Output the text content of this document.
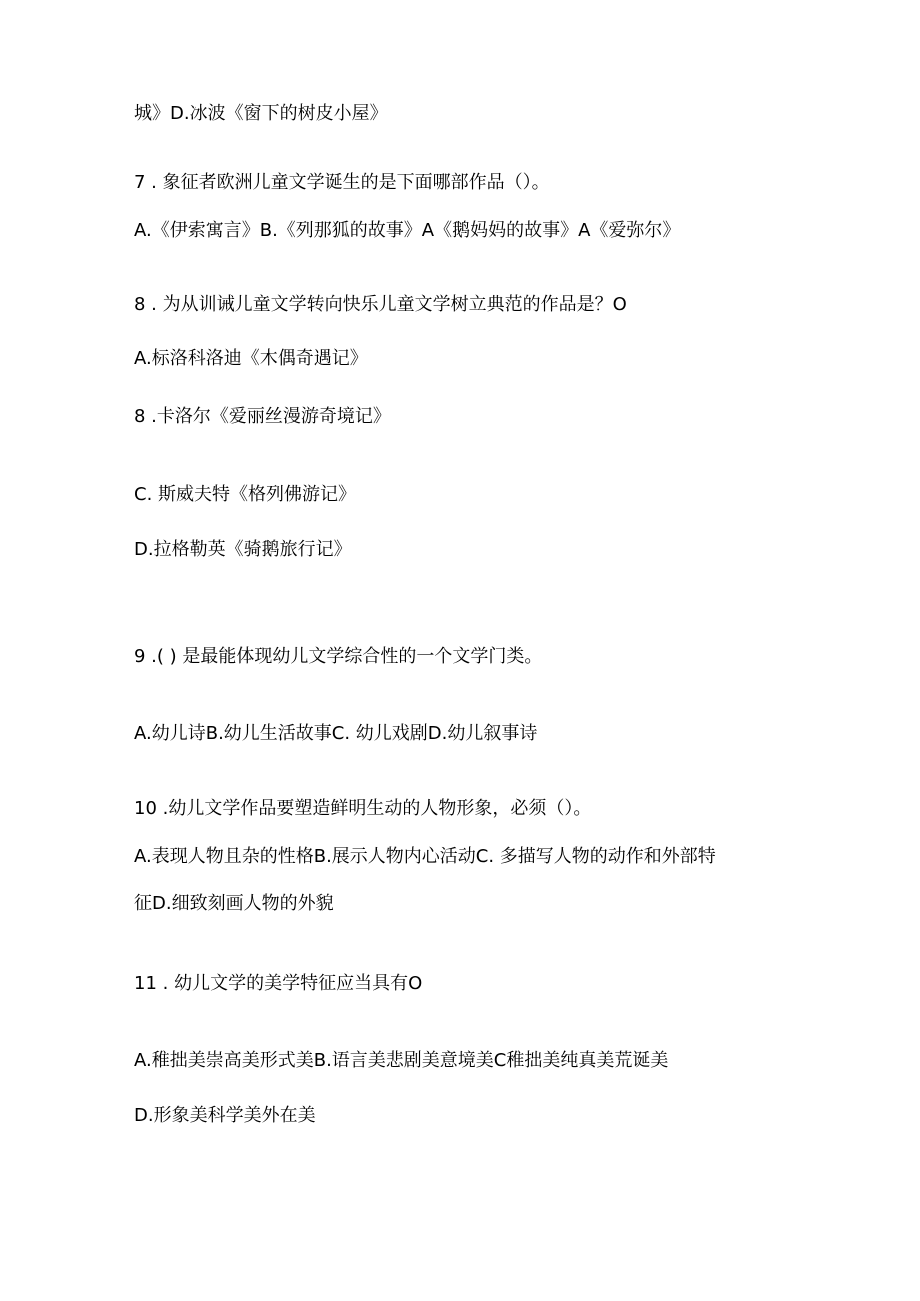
城》D.冰波《窗下的树皮小屋》
7 . 象征者欧洲儿童文学诞生的是下面哪部作品（）。
A.《伊索寓言》B.《列那狐的故事》A《鹅妈妈的故事》A《爱弥尔》
8 . 为从训诫儿童文学转向快乐儿童文学树立典范的作品是？O
A.标洛科洛迪《木偶奇遇记》
8 .卡洛尔《爱丽丝漫游奇境记》
C. 斯威夫特《格列佛游记》
D.拉格勒英《骑鹅旅行记》
9 .( ) 是最能体现幼儿文学综合性的一个文学门类。
A.幼儿诗B.幼儿生活故事C. 幼儿戏剧D.幼儿叙事诗
10 .幼儿文学作品要塑造鲜明生动的人物形象，必须（）。
A.表现人物且杂的性格B.展示人物内心活动C. 多描写人物的动作和外部特
征D.细致刻画人物的外貌
11 . 幼儿文学的美学特征应当具有O
A.稚拙美崇高美形式美B.语言美悲剧美意境美C稚拙美纯真美荒诞美
D.形象美科学美外在美
